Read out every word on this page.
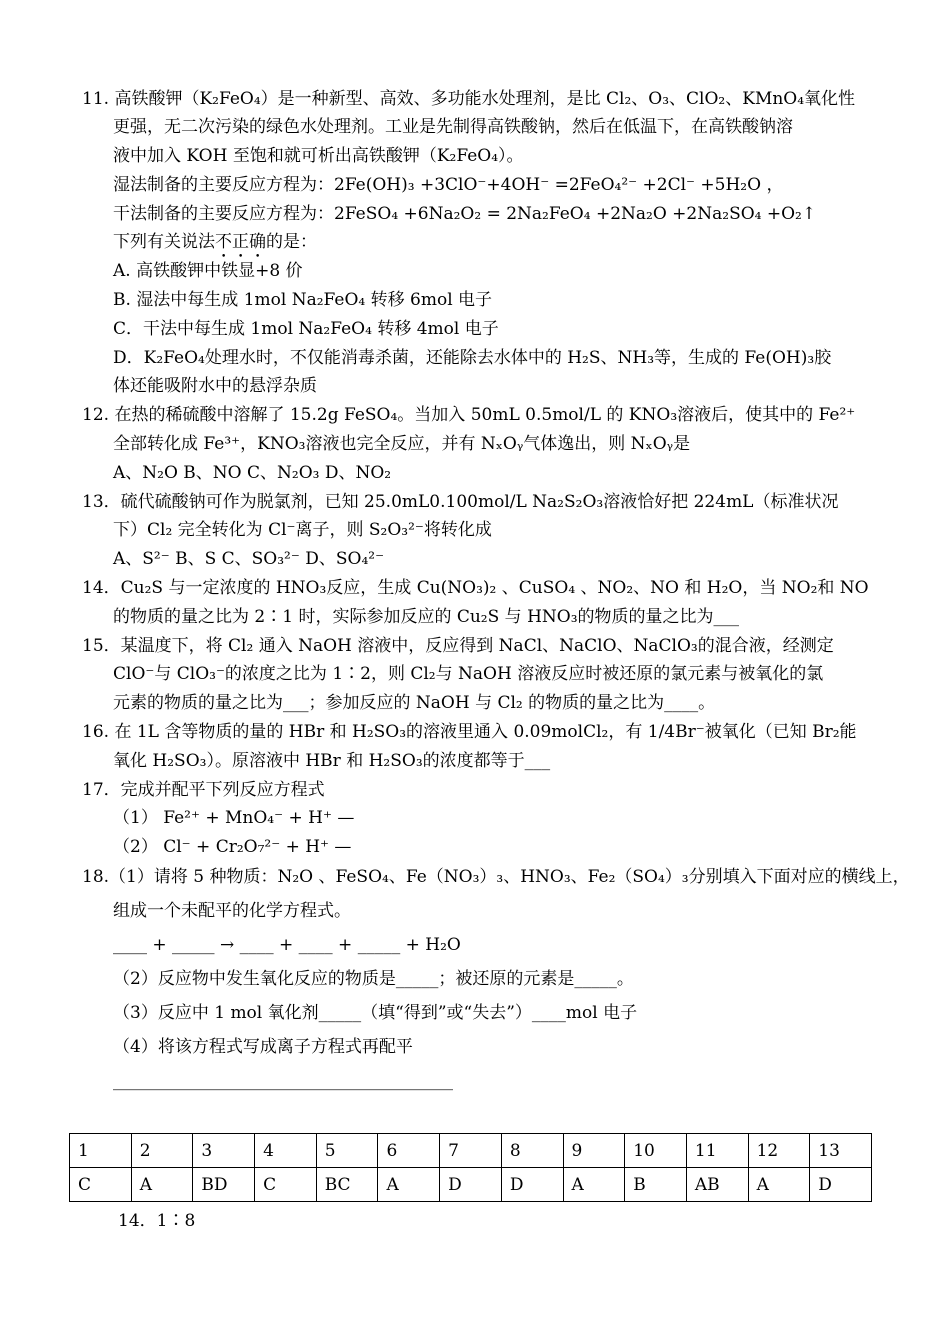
11. 高铁酸钾（K₂FeO₄）是一种新型、高效、多功能水处理剂，是比 Cl₂、O₃、ClO₂、KMnO₄氧化性
更强，无二次污染的绿色水处理剂。工业是先制得高铁酸钠，然后在低温下，在高铁酸钠溶
液中加入 KOH 至饱和就可析出高铁酸钾（K₂FeO₄）。
湿法制备的主要反应方程为：2Fe(OH)₃ +3ClO⁻+4OH⁻ =2FeO₄²⁻ +2Cl⁻ +5H₂O ，
干法制备的主要反应方程为：2FeSO₄ +6Na₂O₂ = 2Na₂FeO₄ +2Na₂O +2Na₂SO₄ +O₂↑
下列有关说法不正确的是：
A. 高铁酸钾中铁显+8 价
B. 湿法中每生成 1mol Na₂FeO₄ 转移 6mol 电子
C．干法中每生成 1mol Na₂FeO₄ 转移 4mol 电子
D．K₂FeO₄处理水时，不仅能消毒杀菌，还能除去水体中的 H₂S、NH₃等，生成的 Fe(OH)₃胶
体还能吸附水中的悬浮杂质
12. 在热的稀硫酸中溶解了 15.2g FeSO₄。当加入 50mL 0.5mol/L 的 KNO₃溶液后，使其中的 Fe²⁺
全部转化成 Fe³⁺，KNO₃溶液也完全反应，并有 NₓOᵧ气体逸出，则 NₓOᵧ是
A、N₂O B、NO C、N₂O₃ D、NO₂
13．硫代硫酸钠可作为脱氯剂，已知 25.0mL0.100mol/L Na₂S₂O₃溶液恰好把 224mL（标准状况
下）Cl₂ 完全转化为 Cl⁻离子，则 S₂O₃²⁻将转化成
A、S²⁻ B、S C、SO₃²⁻ D、SO₄²⁻
14．Cu₂S 与一定浓度的 HNO₃反应，生成 Cu(NO₃)₂ 、CuSO₄ 、NO₂、NO 和 H₂O，当 NO₂和 NO
的物质的量之比为 2∶1 时，实际参加反应的 Cu₂S 与 HNO₃的物质的量之比为___
15．某温度下，将 Cl₂ 通入 NaOH 溶液中，反应得到 NaCl、NaClO、NaClO₃的混合液，经测定
ClO⁻与 ClO₃⁻的浓度之比为 1∶2，则 Cl₂与 NaOH 溶液反应时被还原的氯元素与被氧化的氯
元素的物质的量之比为___；参加反应的 NaOH 与 Cl₂ 的物质的量之比为____。
16. 在 1L 含等物质的量的 HBr 和 H₂SO₃的溶液里通入 0.09molCl₂，有 1/4Br⁻被氧化（已知 Br₂能
氧化 H₂SO₃）。原溶液中 HBr 和 H₂SO₃的浓度都等于___
17．完成并配平下列反应方程式
（1） Fe²⁺ + MnO₄⁻ + H⁺ —
（2） Cl⁻ + Cr₂O₇²⁻ + H⁺ —
18.（1）请将 5 种物质：N₂O 、FeSO₄、Fe（NO₃）₃、HNO₃、Fe₂（SO₄）₃分别填入下面对应的横线上，
组成一个未配平的化学方程式。
____ + _____ → ____ + ____ + _____ + H₂O
（2）反应物中发生氧化反应的物质是_____；被还原的元素是_____。
（3）反应中 1 mol 氧化剂_____（填“得到”或“失去”）____mol 电子
（4）将该方程式写成离子方程式再配平
________________________________________
1	2	3	4	5	6	7	8	9	10	11	12	13
C	A	BD	C	BC	A	D	D	A	B	AB	A	D
14．1∶8
